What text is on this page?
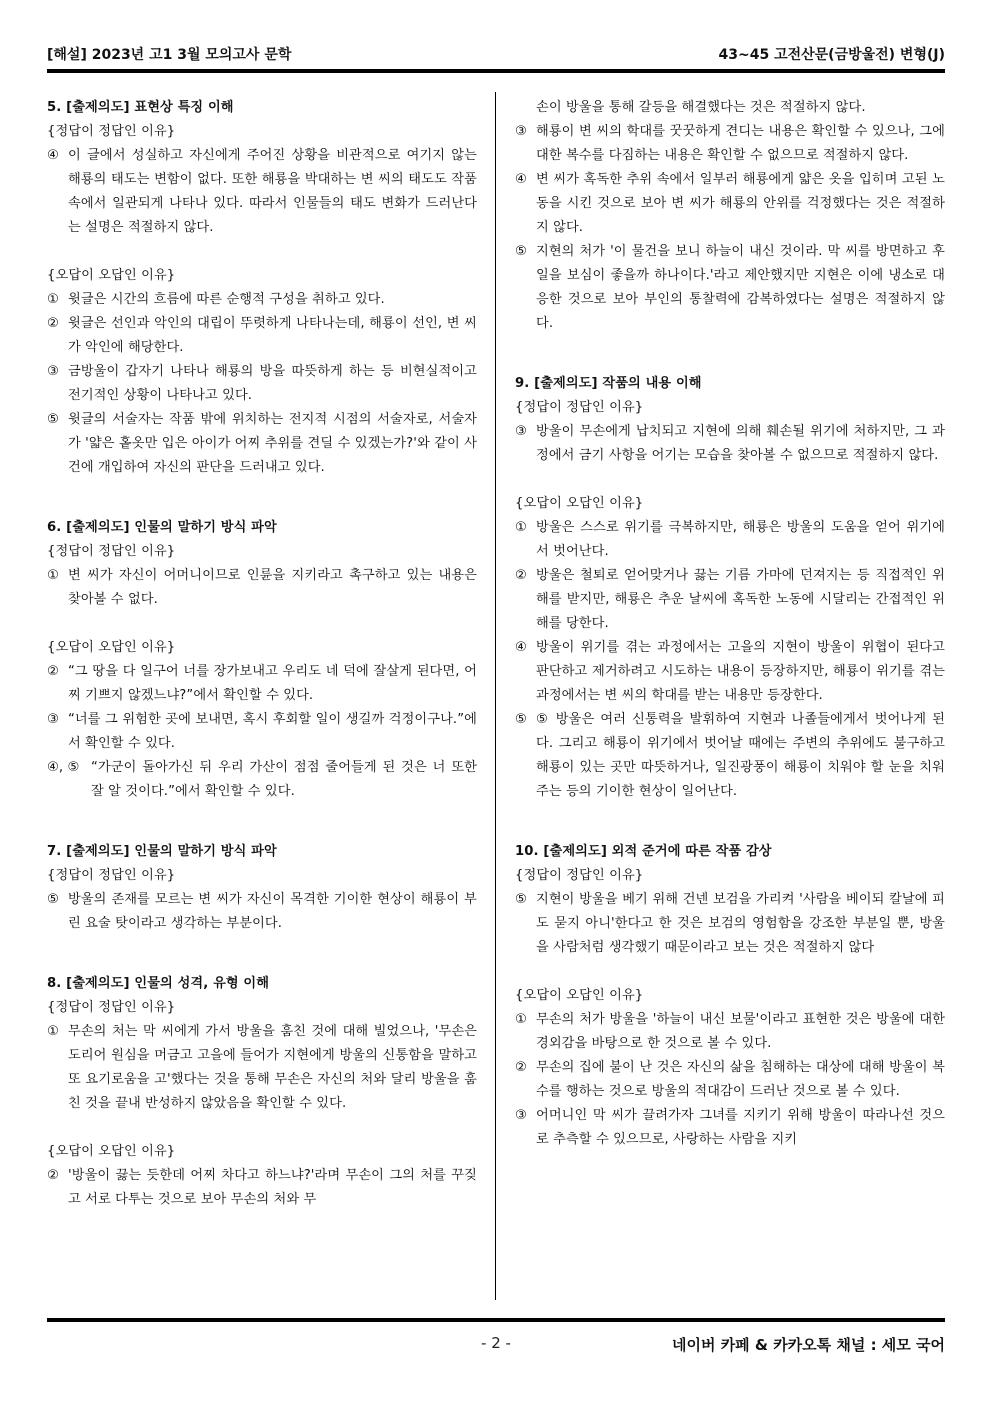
[해설] 2023년 고1 3월 모의고사 문학	43~45 고전산문(금방울전) 변형(J)
5. [출제의도] 표현상 특징 이해
{정답이 정답인 이유}
④ 이 글에서 성실하고 자신에게 주어진 상황을 비관적으로 여기지 않는 해룡의 태도는 변함이 없다. 또한 해룡을 박대하는 변 씨의 태도도 작품 속에서 일관되게 나타나 있다. 따라서 인물들의 태도 변화가 드러난다는 설명은 적절하지 않다.
{오답이 오답인 이유}
① 윗글은 시간의 흐름에 따른 순행적 구성을 취하고 있다.
② 윗글은 선인과 악인의 대립이 뚜렷하게 나타나는데, 해룡이 선인, 변 씨가 악인에 해당한다.
③ 금방울이 갑자기 나타나 해룡의 방을 따뜻하게 하는 등 비현실적이고 전기적인 상황이 나타나고 있다.
⑤ 윗글의 서술자는 작품 밖에 위치하는 전지적 시점의 서술자로, 서술자가 '얇은 홑옷만 입은 아이가 어찌 추위를 견딜 수 있겠는가?'와 같이 사건에 개입하여 자신의 판단을 드러내고 있다.
6. [출제의도] 인물의 말하기 방식 파악
{정답이 정답인 이유}
① 변 씨가 자신이 어머니이므로 인륜을 지키라고 촉구하고 있는 내용은 찾아볼 수 없다.
{오답이 오답인 이유}
② “그 땅을 다 일구어 너를 장가보내고 우리도 네 덕에 잘살게 된다면, 어찌 기쁘지 않겠느냐?”에서 확인할 수 있다.
③ “너를 그 위험한 곳에 보내면, 혹시 후회할 일이 생길까 걱정이구나.”에서 확인할 수 있다.
④, ⑤ “가군이 돌아가신 뒤 우리 가산이 점점 줄어들게 된 것은 너 또한 잘 알 것이다.”에서 확인할 수 있다.
7. [출제의도] 인물의 말하기 방식 파악
{정답이 정답인 이유}
⑤ 방울의 존재를 모르는 변 씨가 자신이 목격한 기이한 현상이 해룡이 부린 요술 탓이라고 생각하는 부분이다.
8. [출제의도] 인물의 성격, 유형 이해
{정답이 정답인 이유}
① 무손의 처는 막 씨에게 가서 방울을 훔친 것에 대해 빌었으나, '무손은 도리어 원심을 머금고 고을에 들어가 지현에게 방울의 신통함을 말하고 또 요기로움을 고'했다는 것을 통해 무손은 자신의 처와 달리 방울을 훔친 것을 끝내 반성하지 않았음을 확인할 수 있다.
{오답이 오답인 이유}
② '방울이 끓는 듯한데 어찌 차다고 하느냐?'라며 무손이 그의 처를 꾸짖고 서로 다투는 것으로 보아 무손의 처와 무
손이 방울을 통해 갈등을 해결했다는 것은 적절하지 않다.
③ 해룡이 변 씨의 학대를 꿋꿋하게 견디는 내용은 확인할 수 있으나, 그에 대한 복수를 다짐하는 내용은 확인할 수 없으므로 적절하지 않다.
④ 변 씨가 혹독한 추위 속에서 일부러 해룡에게 얇은 옷을 입히며 고된 노동을 시킨 것으로 보아 변 씨가 해룡의 안위를 걱정했다는 것은 적절하지 않다.
⑤ 지현의 처가 '이 물건을 보니 하늘이 내신 것이라. 막 씨를 방면하고 후일을 보심이 좋을까 하나이다.'라고 제안했지만 지현은 이에 냉소로 대응한 것으로 보아 부인의 통찰력에 감복하였다는 설명은 적절하지 않다.
9. [출제의도] 작품의 내용 이해
{정답이 정답인 이유}
③ 방울이 무손에게 납치되고 지현에 의해 훼손될 위기에 처하지만, 그 과정에서 금기 사항을 어기는 모습을 찾아볼 수 없으므로 적절하지 않다.
{오답이 오답인 이유}
① 방울은 스스로 위기를 극복하지만, 해룡은 방울의 도움을 얻어 위기에서 벗어난다.
② 방울은 철퇴로 얻어맞거나 끓는 기름 가마에 던져지는 등 직접적인 위해를 받지만, 해룡은 추운 날씨에 혹독한 노동에 시달리는 간접적인 위해를 당한다.
④ 방울이 위기를 겪는 과정에서는 고을의 지현이 방울이 위협이 된다고 판단하고 제거하려고 시도하는 내용이 등장하지만, 해룡이 위기를 겪는 과정에서는 변 씨의 학대를 받는 내용만 등장한다.
⑤ ⑤ 방울은 여러 신통력을 발휘하여 지현과 나졸들에게서 벗어나게 된다. 그리고 해룡이 위기에서 벗어날 때에는 주변의 추위에도 불구하고 해룡이 있는 곳만 따뜻하거나, 일진광풍이 해룡이 치워야 할 눈을 치워 주는 등의 기이한 현상이 일어난다.
10. [출제의도] 외적 준거에 따른 작품 감상
{정답이 정답인 이유}
⑤ 지현이 방울을 베기 위해 건넨 보검을 가리켜 '사람을 베이되 칼날에 피도 묻지 아니'한다고 한 것은 보검의 영험함을 강조한 부분일 뿐, 방울을 사람처럼 생각했기 때문이라고 보는 것은 적절하지 않다
{오답이 오답인 이유}
① 무손의 처가 방울을 '하늘이 내신 보물'이라고 표현한 것은 방울에 대한 경외감을 바탕으로 한 것으로 볼 수 있다.
② 무손의 집에 불이 난 것은 자신의 삶을 침해하는 대상에 대해 방울이 복수를 행하는 것으로 방울의 적대감이 드러난 것으로 볼 수 있다.
③ 어머니인 막 씨가 끌려가자 그녀를 지키기 위해 방울이 따라나선 것으로 추측할 수 있으므로, 사랑하는 사람을 지키
- 2 -	네이버 카페 & 카카오톡 채널 : 세모 국어
